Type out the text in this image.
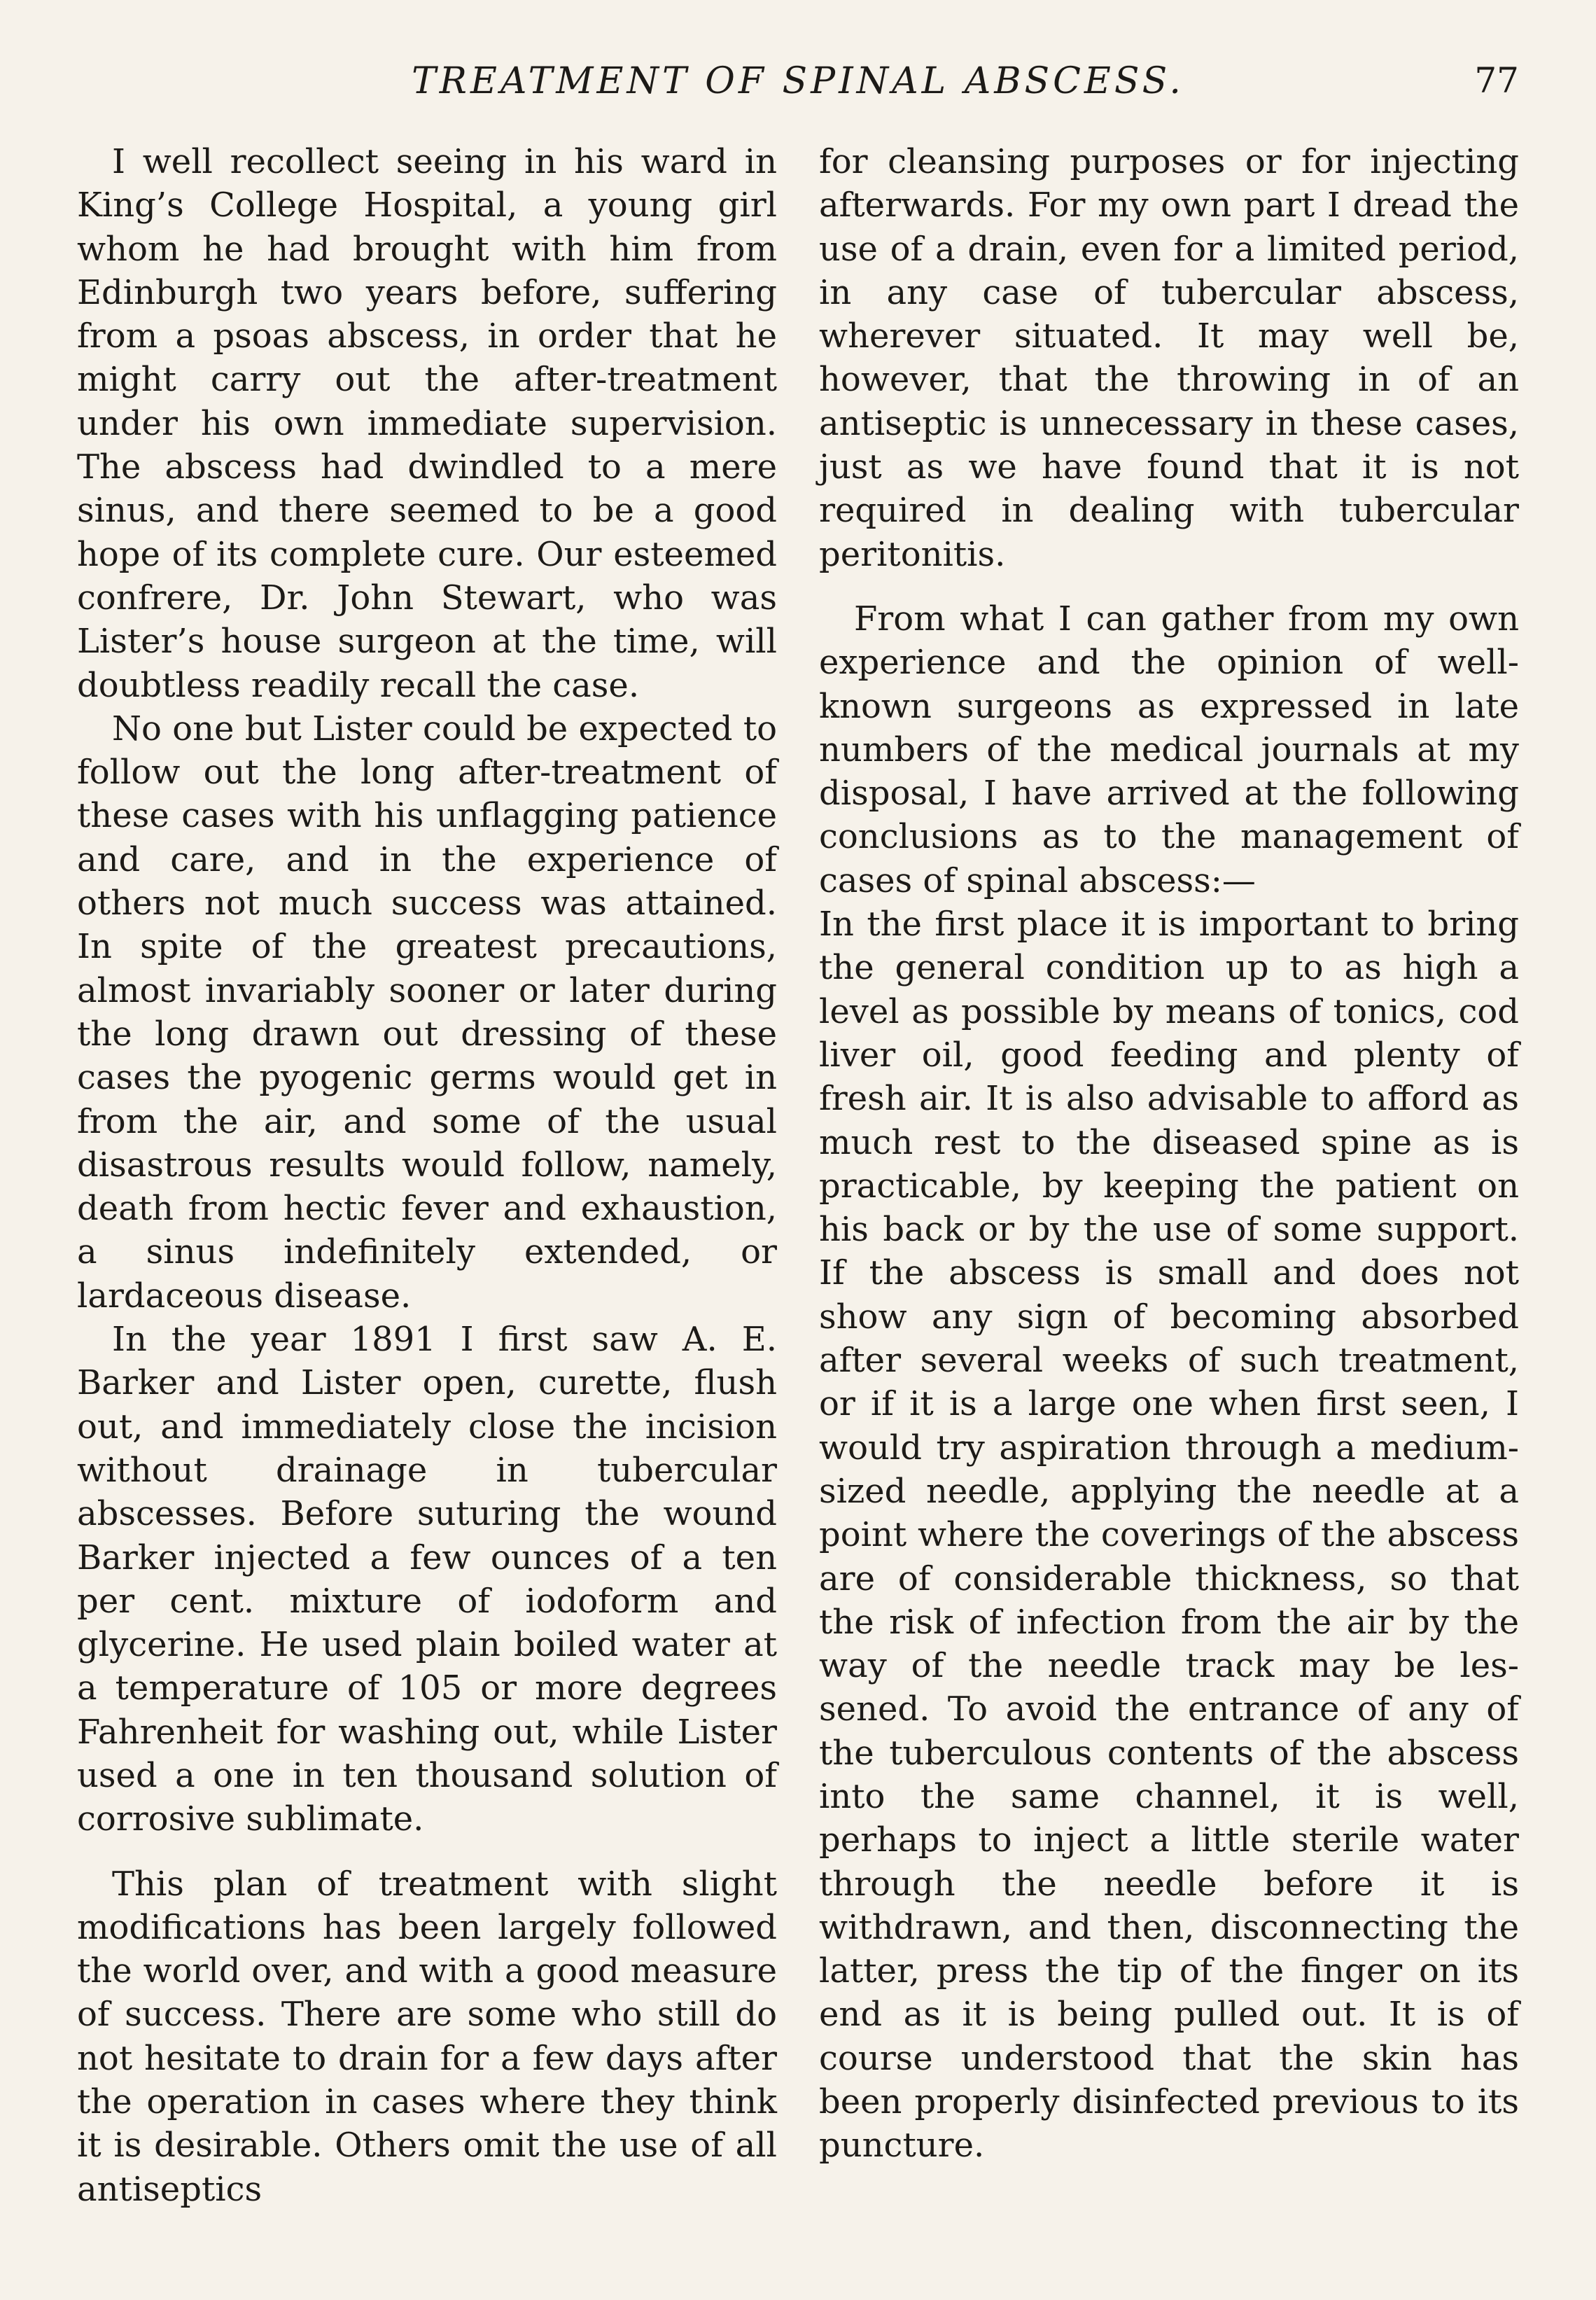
TREATMENT OF SPINAL ABSCESS.	77

I well recollect seeing in his ward in King’s College Hospital, a young girl whom he had brought with him from Edinburgh two years before, suffering from a psoas abscess, in order that he might carry out the after-treatment under his own immediate supervision. The abscess had dwindled to a mere sinus, and there seemed to be a good hope of its complete cure. Our esteemed confrere, Dr. John Stewart, who was Lister’s house surgeon at the time, will doubtless readily recall the case.

No one but Lister could be expected to follow out the long after-treatment of these cases with his unflagging patience and care, and in the experience of others not much success was attained. In spite of the greatest precautions, almost invariably sooner or later during the long drawn out dressing of these cases the pyogenic germs would get in from the air, and some of the usual disastrous results would follow, namely, death from hectic fever and exhaustion, a sinus indefinitely extended, or lardaceous disease.

In the year 1891 I first saw A. E. Barker and Lister open, curette, flush out, and immediately close the incision without drainage in tubercular abscesses. Before suturing the wound Barker injected a few ounces of a ten per cent. mixture of iodoform and glycerine. He used plain boiled water at a temperature of 105 or more degrees Fahrenheit for washing out, while Lister used a one in ten thousand solution of corrosive sublimate.

This plan of treatment with slight modifications has been largely followed the world over, and with a good measure of success. There are some who still do not hesitate to drain for a few days after the operation in cases where they think it is desirable. Others omit the use of all antiseptics

for cleansing purposes or for injecting afterwards. For my own part I dread the use of a drain, even for a limited period, in any case of tubercular abscess, wherever situated. It may well be, however, that the throwing in of an antiseptic is unnecessary in these cases, just as we have found that it is not required in dealing with tubercular peritonitis.

From what I can gather from my own experience and the opinion of well-known surgeons as expressed in late numbers of the medical journals at my disposal, I have arrived at the following conclusions as to the management of cases of spinal abscess:—

In the first place it is important to bring the general condition up to as high a level as possible by means of tonics, cod liver oil, good feeding and plenty of fresh air. It is also advisable to afford as much rest to the diseased spine as is practicable, by keeping the patient on his back or by the use of some support. If the abscess is small and does not show any sign of becoming absorbed after several weeks of such treatment, or if it is a large one when first seen, I would try aspiration through a medium-sized needle, applying the needle at a point where the coverings of the abscess are of considerable thickness, so that the risk of infection from the air by the way of the needle track may be lessened. To avoid the entrance of any of the tuberculous contents of the abscess into the same channel, it is well, perhaps to inject a little sterile water through the needle before it is withdrawn, and then, disconnecting the latter, press the tip of the finger on its end as it is being pulled out. It is of course understood that the skin has been properly disinfected previous to its puncture.
